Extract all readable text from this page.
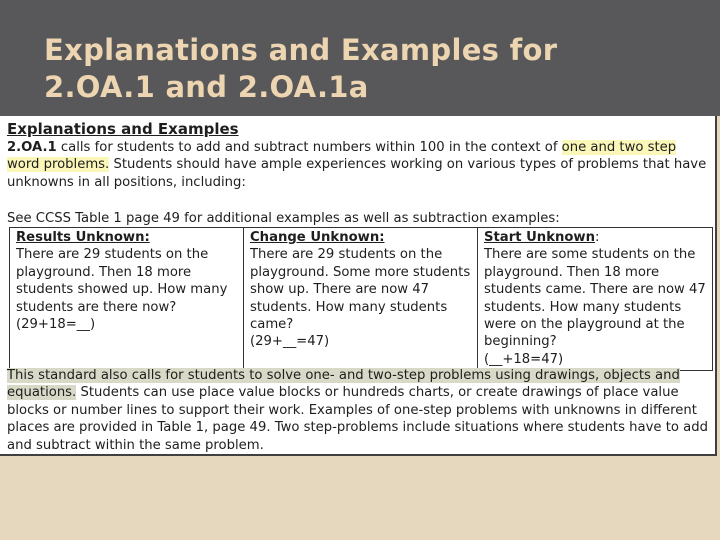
Explanations and Examples for
2.OA.1 and 2.OA.1a

Explanations and Examples

2.OA.1 calls for students to add and subtract numbers within 100 in the context of one and two step word problems. Students should have ample experiences working on various types of problems that have unknowns in all positions, including:

See CCSS Table 1 page 49 for additional examples as well as subtraction examples:

Results Unknown:
There are 29 students on the
playground. Then 18 more
students showed up. How many
students are there now?
(29+18=__)

Change Unknown:
There are 29 students on the
playground. Some more students
show up. There are now 47
students. How many students
came?
(29+__=47)

Start Unknown:
There are some students on the
playground. Then 18 more
students came. There are now 47
students. How many students
were on the playground at the
beginning?
(__+18=47)

This standard also calls for students to solve one- and two-step problems using drawings, objects and equations. Students can use place value blocks or hundreds charts, or create drawings of place value blocks or number lines to support their work. Examples of one-step problems with unknowns in different places are provided in Table 1, page 49. Two step-problems include situations where students have to add and subtract within the same problem.
